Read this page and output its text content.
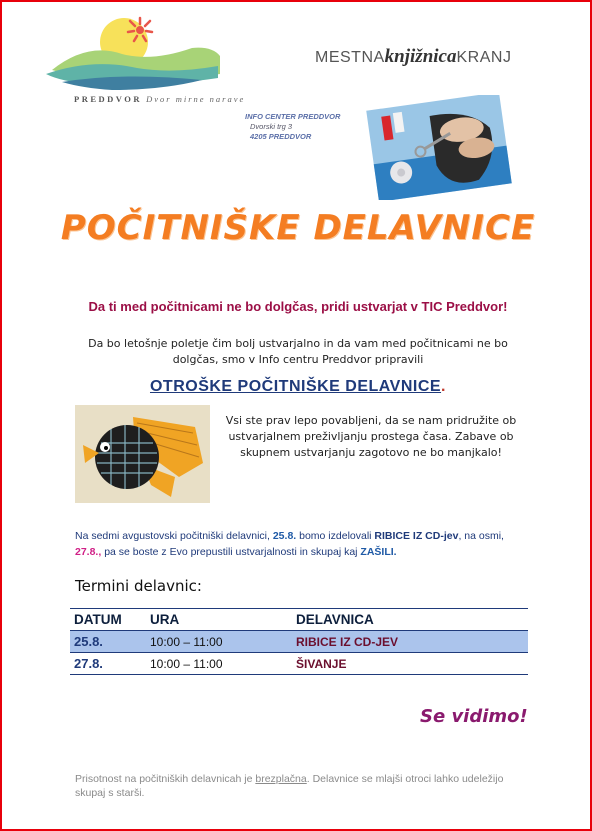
PREDDVOR Dvor mirne narave
MESTNAknjižnicaKRANJ
INFO CENTER PREDDVOR
Dvorski trg 3
4205 PREDDVOR
POČITNIŠKE DELAVNICE
Da ti med počitnicami ne bo dolgčas, pridi ustvarjat v TIC Preddvor!
Da bo letošnje poletje čim bolj ustvarjalno in da vam med počitnicami ne bo dolgčas, smo v Info centru Preddvor pripravili
OTROŠKE POČITNIŠKE DELAVNICE.
Vsi ste prav lepo povabljeni, da se nam pridružite ob ustvarjalnem preživljanju prostega časa. Zabave ob skupnem ustvarjanju zagotovo ne bo manjkalo!
Na sedmi avgustovski počitniški delavnici, 25.8. bomo izdelovali RIBICE IZ CD-jev, na osmi, 27.8., pa se boste z Evo prepustili ustvarjalnosti in skupaj kaj ZAŠILI.
Termini delavnic:
DATUM	URA	DELAVNICA
25.8.	10:00 – 11:00	RIBICE IZ CD-JEV
27.8.	10:00 – 11:00	ŠIVANJE
Se vidimo!
Prisotnost na počitniških delavnicah je brezplačna. Delavnice se mlajši otroci lahko udeležijo skupaj s starši.
